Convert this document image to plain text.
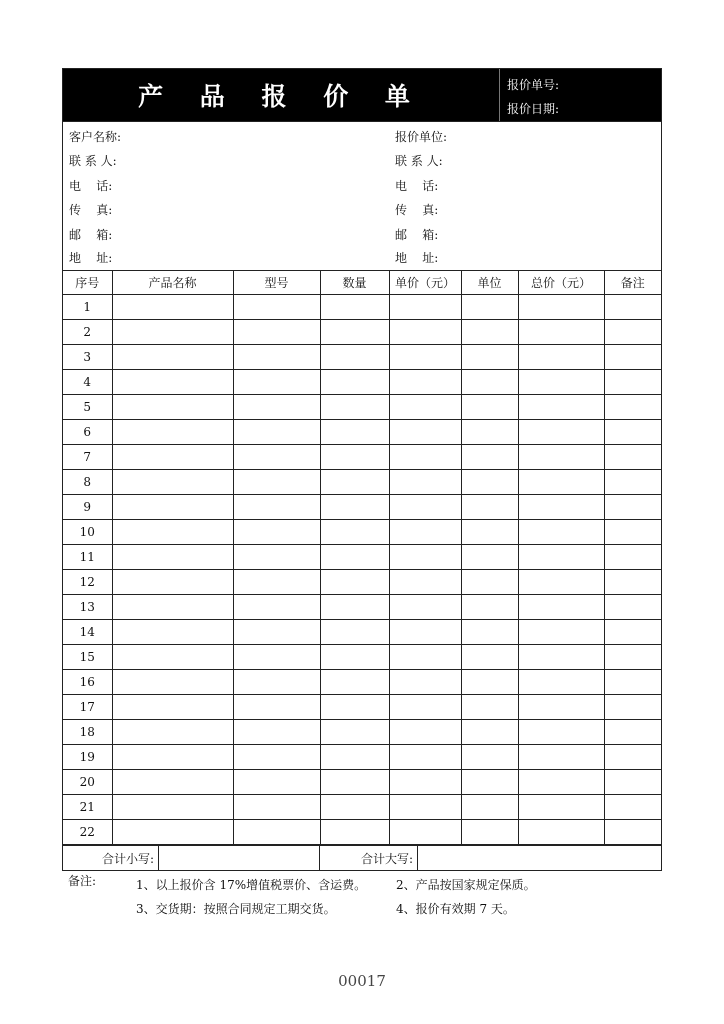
产 品 报 价 单	报价单号:
报价日期:
客户名称:
联 系 人:
电    话:
传    真:
邮    箱:
地    址:
报价单位:
联 系 人:
电    话:
传    真:
邮    箱:
地    址:
序号	产品名称	型号	数量	单价（元）	单位	总价（元）	备注
1							
2							
3							
4							
5							
6							
7							
8							
9							
10							
11							
12							
13							
14							
15							
16							
17							
18							
19							
20							
21							
22							
合计小写:	合计大写:
备注:	1、以上报价含 17%增值税票价、含运费。 2、产品按国家规定保质。
3、交货期：按照合同规定工期交货。	4、报价有效期 7 天。
00017
